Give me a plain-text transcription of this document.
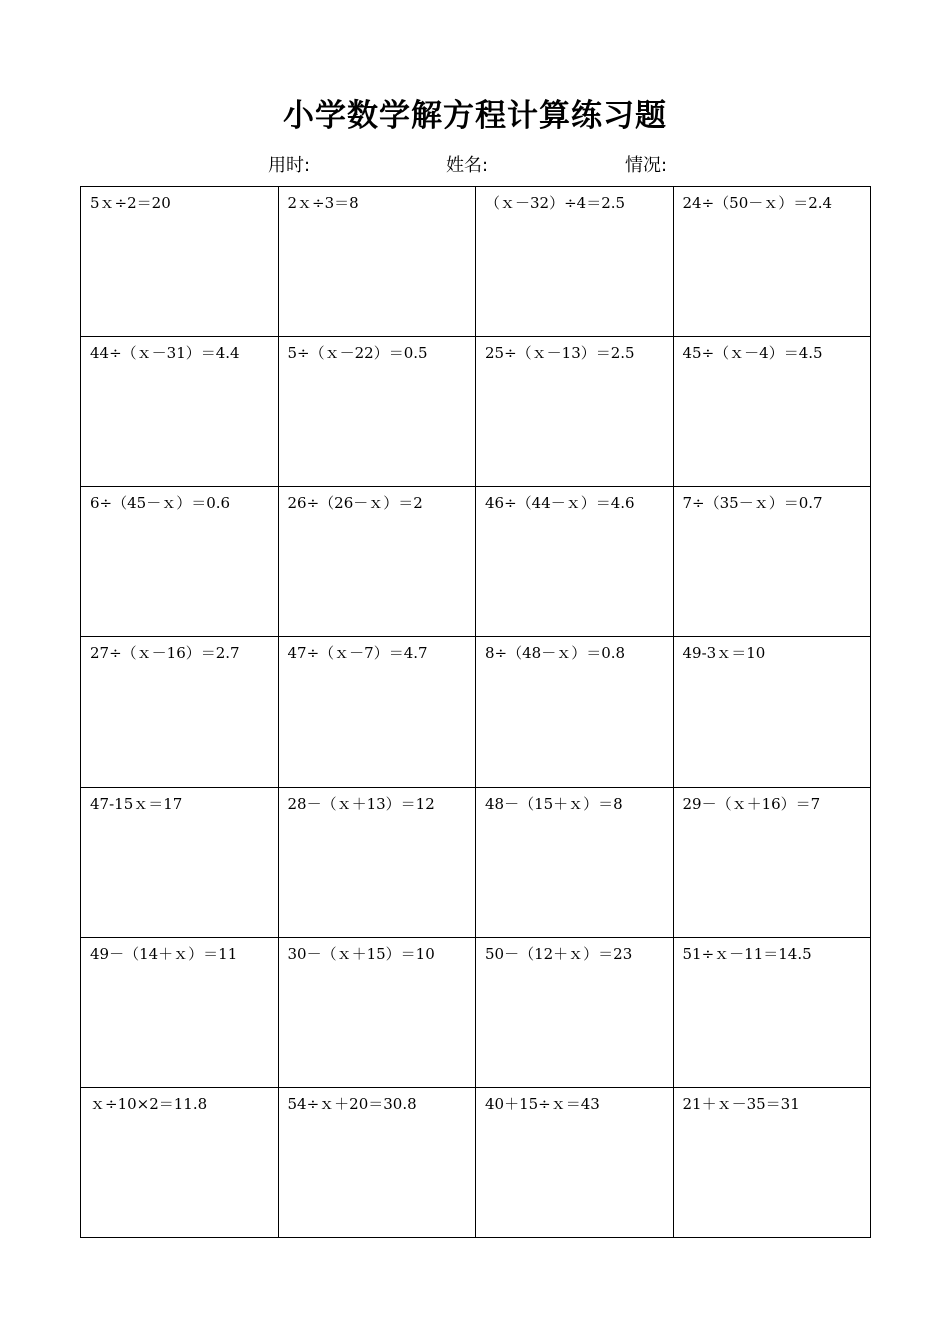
小学数学解方程计算练习题
用时:	姓名:	情况:
5ｘ÷2＝20	2ｘ÷3＝8	（ｘ－32）÷4＝2.5	24÷（50－ｘ）＝2.4
44÷（ｘ－31）＝4.4	5÷（ｘ－22）＝0.5	25÷（ｘ－13）＝2.5	45÷（ｘ－4）＝4.5
6÷（45－ｘ）＝0.6	26÷（26－ｘ）＝2	46÷（44－ｘ）＝4.6	7÷（35－ｘ）＝0.7
27÷（ｘ－16）＝2.7	47÷（ｘ－7）＝4.7	8÷（48－ｘ）＝0.8	49-3ｘ＝10
47-15ｘ＝17	28－（ｘ＋13）＝12	48－（15＋ｘ）＝8	29－（ｘ＋16）＝7
49－（14＋ｘ）＝11	30－（ｘ＋15）＝10	50－（12＋ｘ）＝23	51÷ｘ－11＝14.5
ｘ÷10×2＝11.8	54÷ｘ＋20＝30.8	40＋15÷ｘ＝43	21＋ｘ－35＝31
